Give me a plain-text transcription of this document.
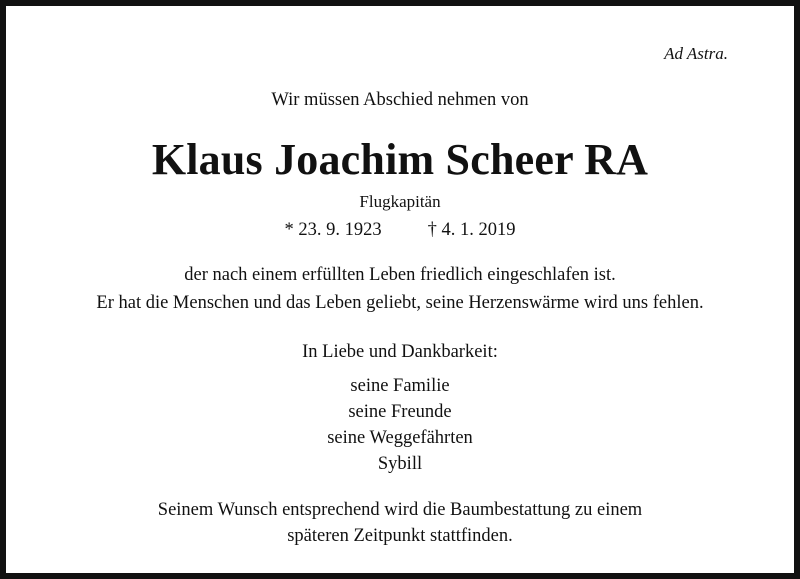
Ad Astra.
Wir müssen Abschied nehmen von
Klaus Joachim Scheer RA
Flugkapitän
* 23. 9. 1923 † 4. 1. 2019
der nach einem erfüllten Leben friedlich eingeschlafen ist.
Er hat die Menschen und das Leben geliebt, seine Herzenswärme wird uns fehlen.
In Liebe und Dankbarkeit:
seine Familie
seine Freunde
seine Weggefährten
Sybill
Seinem Wunsch entsprechend wird die Baumbestattung zu einem
späteren Zeitpunkt stattfinden.
